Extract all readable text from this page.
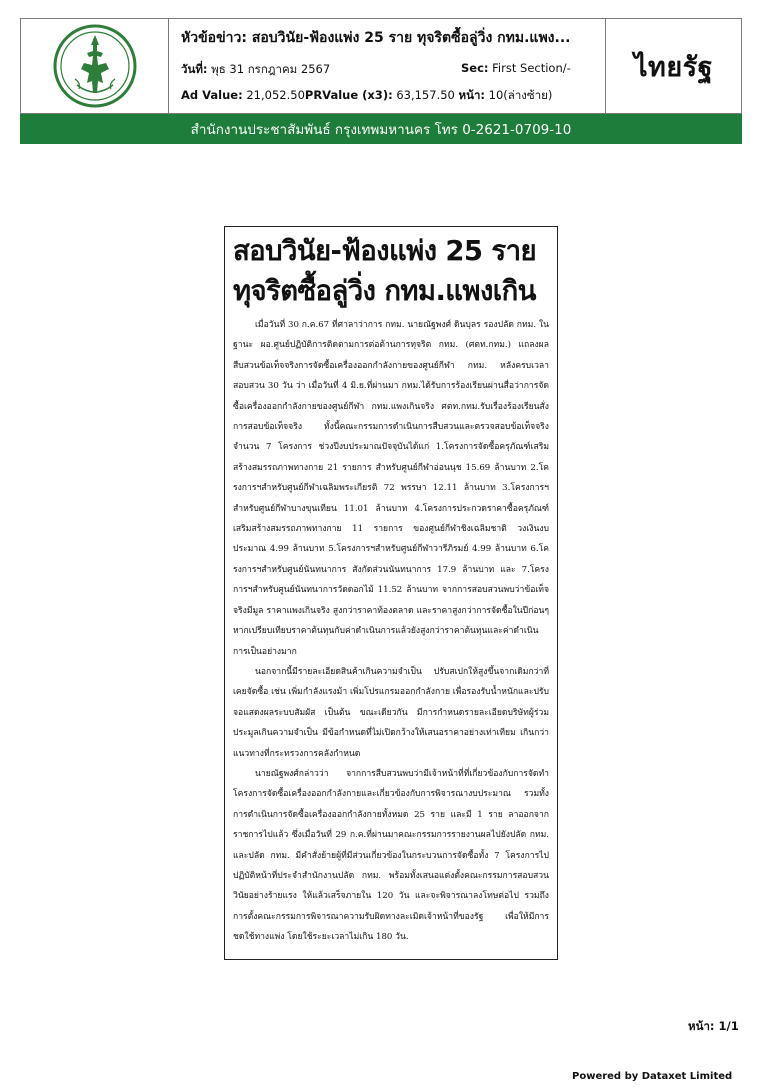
หัวข้อข่าว: สอบวินัย-ฟ้องแพ่ง 25 ราย ทุจริตซื้อลู่วิ่ง กทม.แพง...
วันที่: พุธ 31 กรกฎาคม 2567	Sec: First Section/-
Ad Value: 21,052.50PRValue (x3): 63,157.50 หน้า: 10(ล่างซ้าย)
ไทยรัฐ
สำนักงานประชาสัมพันธ์ กรุงเทพมหานคร โทร 0-2621-0709-10
สอบวินัย-ฟ้องแพ่ง 25 ราย
ทุจริตซื้อลู่วิ่ง กทม.แพงเกิน

เมื่อวันที่ 30 ก.ค.67 ที่ศาลาว่าการ กทม. นายณัฐพงศ์ ดินบุลร รองปลัด กทม. ในฐานะ ผอ.ศูนย์ปฏิบัติการติดตามการต่อต้านการทุจริต กทม. (ศตท.กทม.) แถลงผลสืบสวนข้อเท็จจริงการจัดซื้อเครื่องออกกำลังกายของศูนย์กีฬา กทม. หลังครบเวลาสอบสวน 30 วัน ว่า เมื่อวันที่ 4 มิ.ย.ที่ผ่านมา กทม.ได้รับการร้องเรียนผ่านสื่อว่าการจัดซื้อเครื่องออกกำลังกายของศูนย์กีฬา กทม.แพงเกินจริง ศตท.กทม.รับเรื่องร้องเรียนสั่งการสอบข้อเท็จจริง ทั้งนี้คณะกรรมการดำเนินการสืบสวนและตรวจสอบข้อเท็จจริง จำนวน 7 โครงการ ช่วงปีงบประมาณปัจจุบันได้แก่ 1.โครงการจัดซื้อครุภัณฑ์เสริมสร้างสมรรถภาพทางกาย 21 รายการ สำหรับศูนย์กีฬาอ่อนนุช 15.69 ล้านบาท 2.โครงการฯสำหรับศูนย์กีฬาเฉลิมพระเกียรติ 72 พรรษา 12.11 ล้านบาท 3.โครงการฯสำหรับศูนย์กีฬาบางขุนเทียน 11.01 ล้านบาท 4.โครงการประกวดราคาซื้อครุภัณฑ์เสริมสร้างสมรรถภาพทางกาย 11 รายการ ของศูนย์กีฬาชิงเฉลิมชาติ วงเงินงบประมาณ 4.99 ล้านบาท 5.โครงการฯสำหรับศูนย์กีฬาวารีภิรมย์ 4.99 ล้านบาท 6.โครงการฯสำหรับศูนย์นันทนาการ สังกัดส่วนนันทนาการ 17.9 ล้านบาท และ 7.โครงการฯสำหรับศูนย์นันทนาการวัดดอกไม้ 11.52 ล้านบาท จากการสอบสวนพบว่าข้อเท็จจริงมีมูล ราคาแพงเกินจริง สูงกว่าราคาท้องตลาด และราคาสูงกว่าการจัดซื้อในปีก่อนๆ หากเปรียบเทียบราคาต้นทุนกับค่าดำเนินการแล้วยังสูงกว่าราคาต้นทุนและค่าดำเนินการเป็นอย่างมาก

นอกจากนี้มีรายละเอียดสินค้าเกินความจำเป็น ปรับสเปกให้สูงขึ้นจากเดิมกว่าที่เคยจัดซื้อ เช่น เพิ่มกำลังแรงม้า เพิ่มโปรแกรมออกกำลังกาย เพื่อรองรับน้ำหนักและปรับจอแสดงผลระบบสัมผัส เป็นต้น ขณะเดียวกัน มีการกำหนดรายละเอียดบริษัทผู้ร่วมประมูลเกินความจำเป็น มีข้อกำหนดที่ไม่เปิดกว้างให้เสนอราคาอย่างเท่าเทียม เกินกว่าแนวทางที่กระทรวงการคลังกำหนด

นายณัฐพงศ์กล่าวว่า จากการสืบสวนพบว่ามีเจ้าหน้าที่ที่เกี่ยวข้องกับการจัดทำโครงการจัดซื้อเครื่องออกกำลังกายและเกี่ยวข้องกับการพิจารณางบประมาณ รวมทั้งการดำเนินการจัดซื้อเครื่องออกกำลังกายทั้งหมด 25 ราย และมี 1 ราย ลาออกจากราชการไปแล้ว ซึ่งเมื่อวันที่ 29 ก.ค.ที่ผ่านมาคณะกรรมการรายงานผลไปยังปลัด กทม. และปลัด กทม. มีคำสั่งย้ายผู้ที่มีส่วนเกี่ยวข้องในกระบวนการจัดซื้อทั้ง 7 โครงการไปปฏิบัติหน้าที่ประจำสำนักงานปลัด กทม. พร้อมทั้งเสนอแต่งตั้งคณะกรรมการสอบสวนวินัยอย่างร้ายแรง ให้แล้วเสร็จภายใน 120 วัน และจะพิจารณาลงโทษต่อไป รวมถึงการตั้งคณะกรรมการพิจารณาความรับผิดทางละเมิดเจ้าหน้าที่ของรัฐ เพื่อให้มีการชดใช้ทางแพ่ง โดยใช้ระยะเวลาไม่เกิน 180 วัน.

หน้า: 1/1
Powered by Dataxet Limited
